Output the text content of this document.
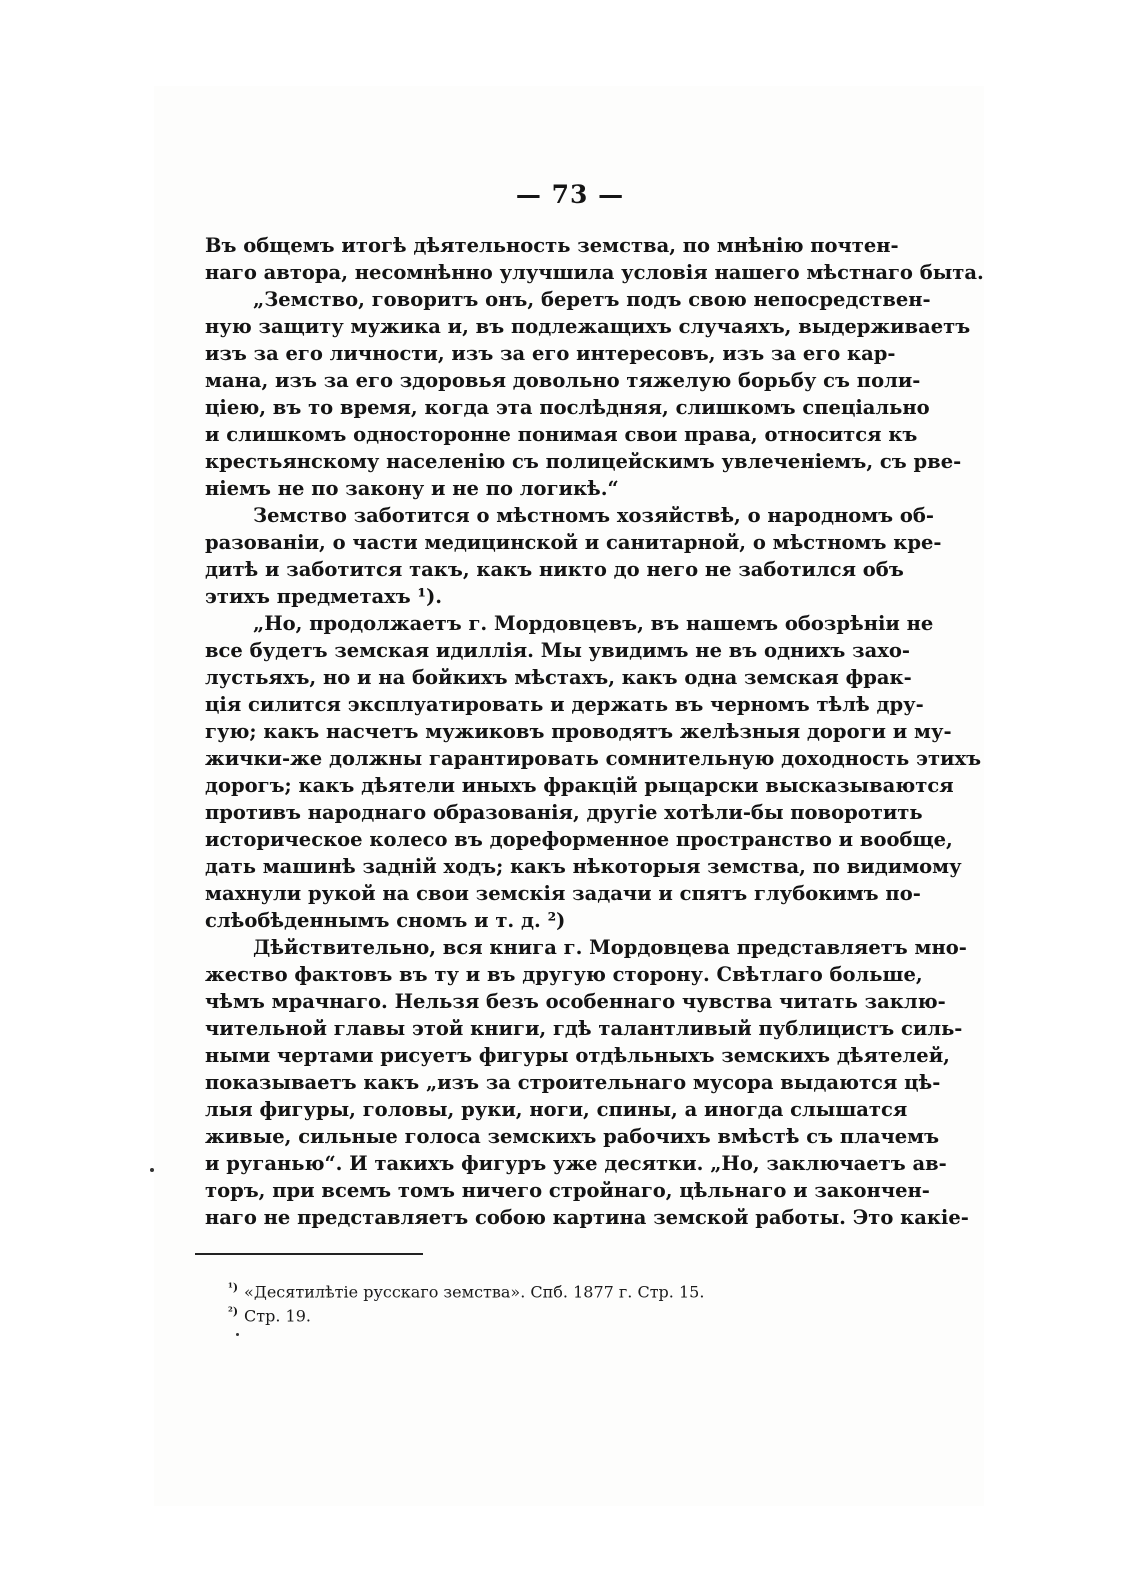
— 73 —
Въ общемъ итогѣ дѣятельность земства, по мнѣнію почтен-
наго автора, несомнѣнно улучшила условія нашего мѣстнаго быта.
„Земство, говоритъ онъ, беретъ подъ свою непосредствен-
ную защиту мужика и, въ подлежащихъ случаяхъ, выдерживаетъ
изъ за его личности, изъ за его интересовъ, изъ за его кар-
мана, изъ за его здоровья довольно тяжелую борьбу съ поли-
ціею, въ то время, когда эта послѣдняя, слишкомъ спеціально
и слишкомъ односторонне понимая свои права, относится къ
крестьянскому населенію съ полицейскимъ увлеченіемъ, съ рве-
ніемъ не по закону и не по логикѣ.“
Земство заботится о мѣстномъ хозяйствѣ, о народномъ об-
разованіи, о части медицинской и санитарной, о мѣстномъ кре-
дитѣ и заботится такъ, какъ никто до него не заботился объ
этихъ предметахъ ¹).
„Но, продолжаетъ г. Мордовцевъ, въ нашемъ обозрѣніи не
все будетъ земская идиллія. Мы увидимъ не въ однихъ захо-
лустьяхъ, но и на бойкихъ мѣстахъ, какъ одна земская фрак-
ція силится эксплуатировать и держать въ черномъ тѣлѣ дру-
гую; какъ насчетъ мужиковъ проводятъ желѣзныя дороги и му-
жички-же должны гарантировать сомнительную доходность этихъ
дорогъ; какъ дѣятели иныхъ фракцій рыцарски высказываются
противъ народнаго образованія, другіе хотѣли-бы поворотить
историческое колесо въ дореформенное пространство и вообще,
дать машинѣ задній ходъ; какъ нѣкоторыя земства, по видимому
махнули рукой на свои земскія задачи и спятъ глубокимъ по-
слѣобѣденнымъ сномъ и т. д. ²)
Дѣйствительно, вся книга г. Мордовцева представляетъ мно-
жество фактовъ въ ту и въ другую сторону. Свѣтлаго больше,
чѣмъ мрачнаго. Нельзя безъ особеннаго чувства читать заклю-
чительной главы этой книги, гдѣ талантливый публицистъ силь-
ными чертами рисуетъ фигуры отдѣльныхъ земскихъ дѣятелей,
показываетъ какъ „изъ за строительнаго мусора выдаются цѣ-
лыя фигуры, головы, руки, ноги, спины, а иногда слышатся
живые, сильные голоса земскихъ рабочихъ вмѣстѣ съ плачемъ
и руганью“. И такихъ фигуръ уже десятки. „Но, заключаетъ ав-
торъ, при всемъ томъ ничего стройнаго, цѣльнаго и закончен-
наго не представляетъ собою картина земской работы. Это какіе-
$^{^1)}$ «Десятилѣтіе русскаго земства». Спб. 1877 г. Стр. 15.
$^{^2)}$ Стр. 19.
